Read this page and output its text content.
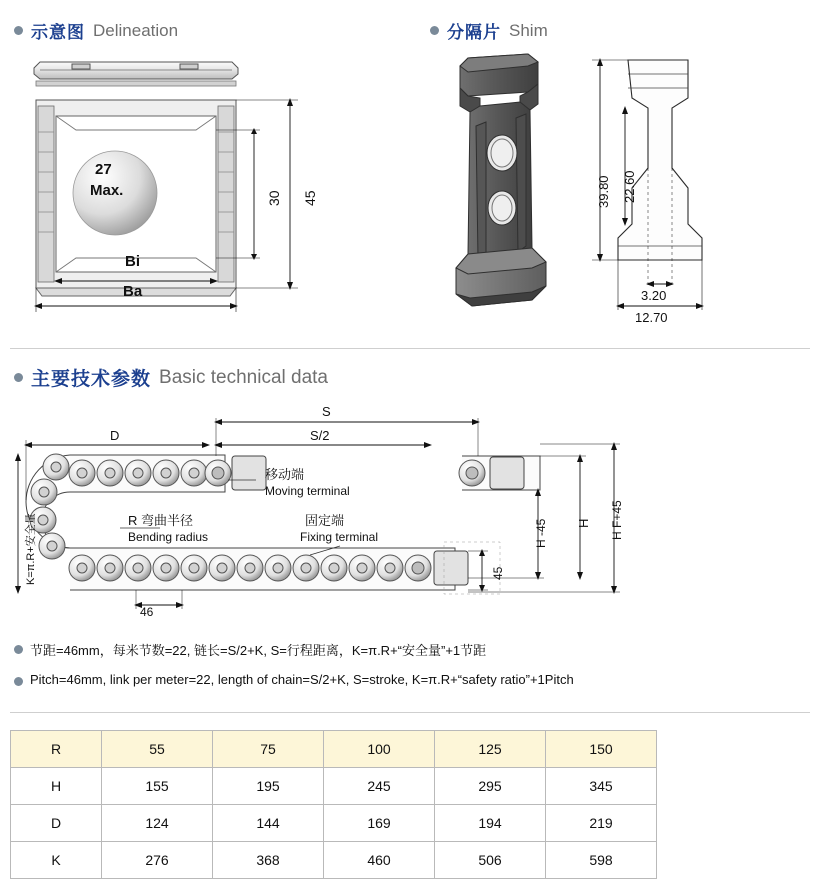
示意图 Delineation	分隔片 Shim
27
Max.	30 45
Bi
Ba
39.80 22.60
3.20
12.70
主要技术参数 Basic technical data
S
S/2
D
K=π.R+安全量
移动端
Moving terminal
R 弯曲半径
Bending radius
固定端
Fixing terminal
46
45
H -45 H H F+45
节距=46mm，每米节数=22, 链长=S/2+K, S=行程距离，K=π.R+“安全量”+1节距
Pitch=46mm, link per meter=22, length of chain=S/2+K, S=stroke, K=π.R+“safety ratio”+1Pitch
R	55	75	100	125	150
H	155	195	245	295	345
D	124	144	169	194	219
K	276	368	460	506	598
